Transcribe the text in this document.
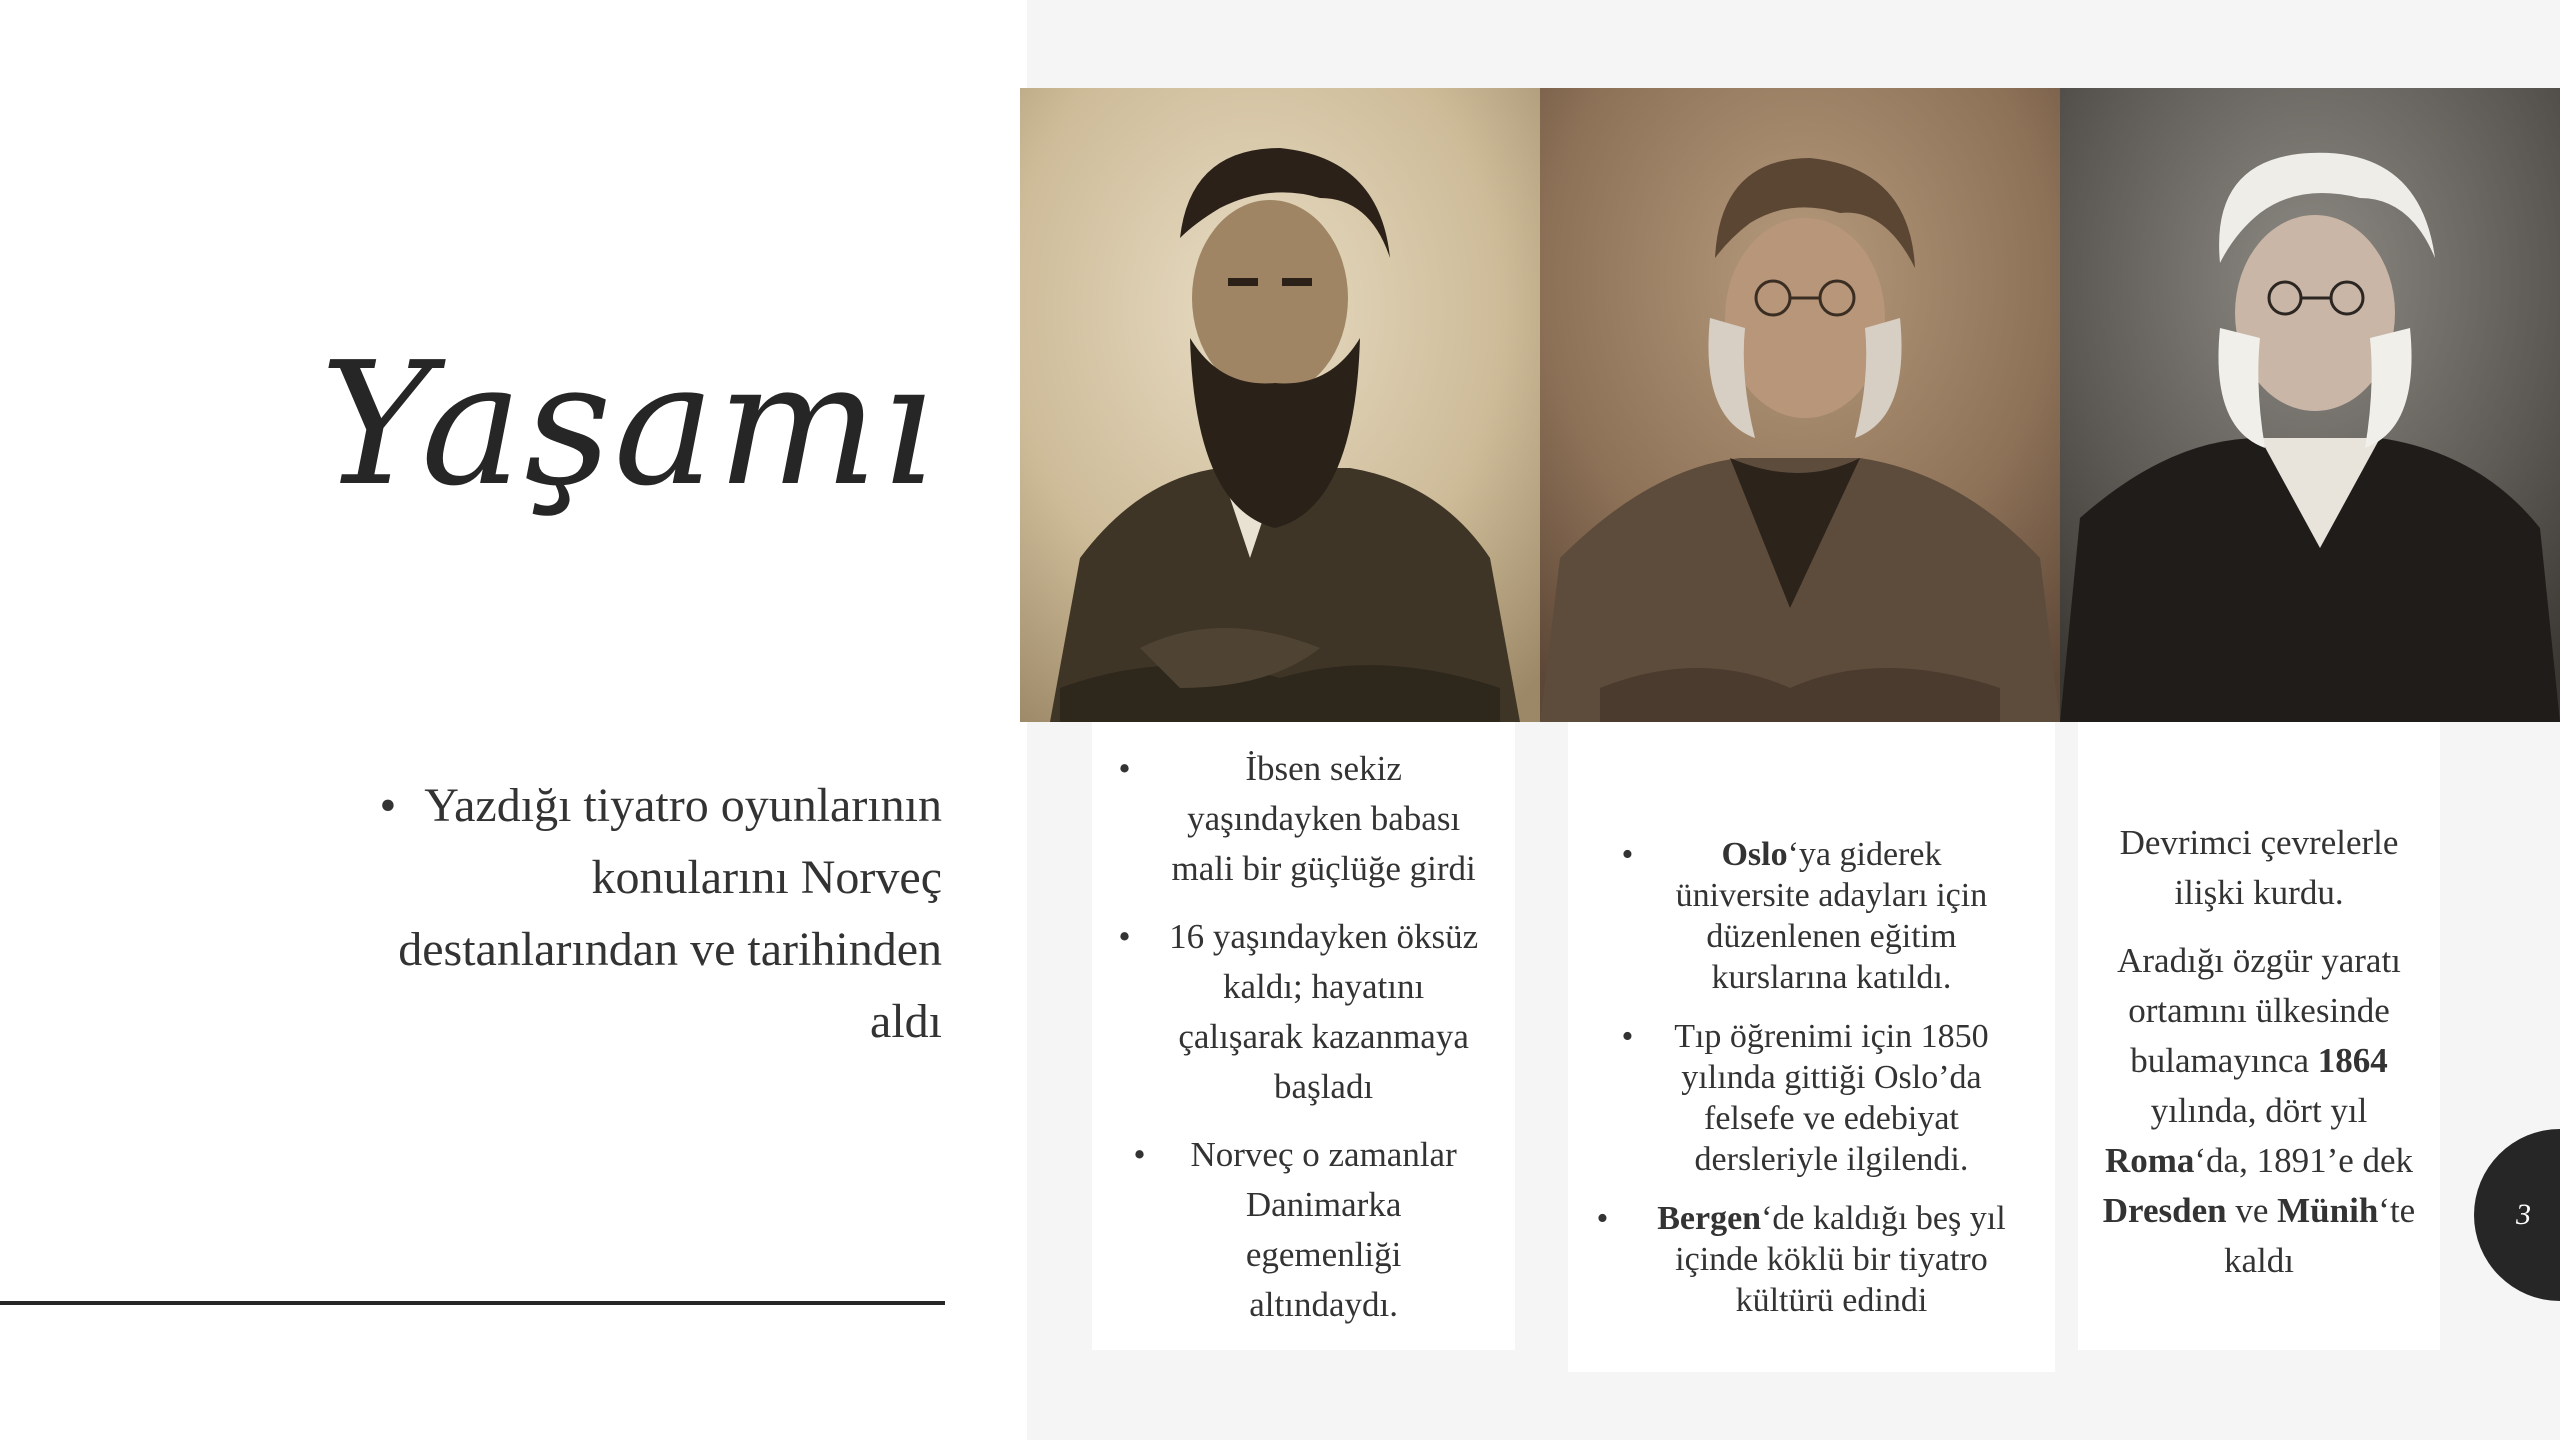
Yaşamı
• Yazdığı tiyatro oyunlarının konularını Norveç destanlarından ve tarihinden aldı
•	İbsen sekiz yaşındayken babası mali bir güçlüğe girdi

• 16 yaşındayken öksüz kaldı; hayatını çalışarak kazanmaya başladı

•	Norveç o zamanlar Danimarka egemenliği altındaydı.

•	Oslo‘ya giderek üniversite adayları için düzenlenen eğitim kurslarına katıldı.

•	Tıp öğrenimi için 1850 yılında gittiği Oslo’da felsefe ve edebiyat dersleriyle ilgilendi.

•	Bergen‘de kaldığı beş yıl içinde köklü bir tiyatro kültürü edindi

Devrimci çevrelerle ilişki kurdu.

Aradığı özgür yaratı ortamını ülkesinde bulamayınca 1864 yılında, dört yıl Roma‘da, 1891’e dek Dresden ve Münih‘te kaldı

3
